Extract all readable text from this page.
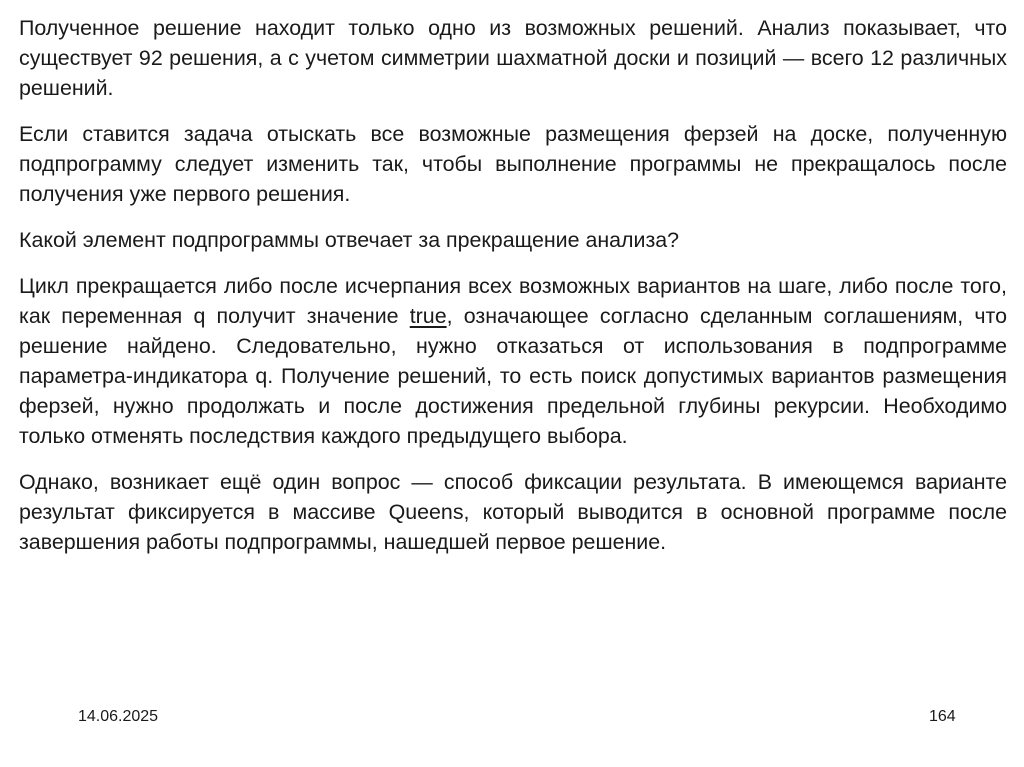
Полученное решение находит только одно из возможных решений. Анализ показывает, что существует 92 решения, а с учетом симметрии шахматной доски и позиций — всего 12 различных решений.

Если ставится задача отыскать все возможные размещения ферзей на доске, полученную подпрограмму следует изменить так, чтобы выполнение программы не прекращалось после получения уже первого решения.

Какой элемент подпрограммы отвечает за прекращение анализа?

Цикл прекращается либо после исчерпания всех возможных вариантов на шаге, либо после того, как переменная q получит значение true, означающее согласно сделанным соглашениям, что решение найдено. Следовательно, нужно отказаться от использования в подпрограмме параметра-индикатора q. Получение решений, то есть поиск допустимых вариантов размещения ферзей, нужно продолжать и после достижения предельной глубины рекурсии. Необходимо только отменять последствия каждого предыдущего выбора.

Однако, возникает ещё один вопрос — способ фиксации результата. В имеющемся варианте результат фиксируется в массиве Queens, который выводится в основной программе после завершения работы подпрограммы, нашедшей первое решение.

14.06.2025	164
